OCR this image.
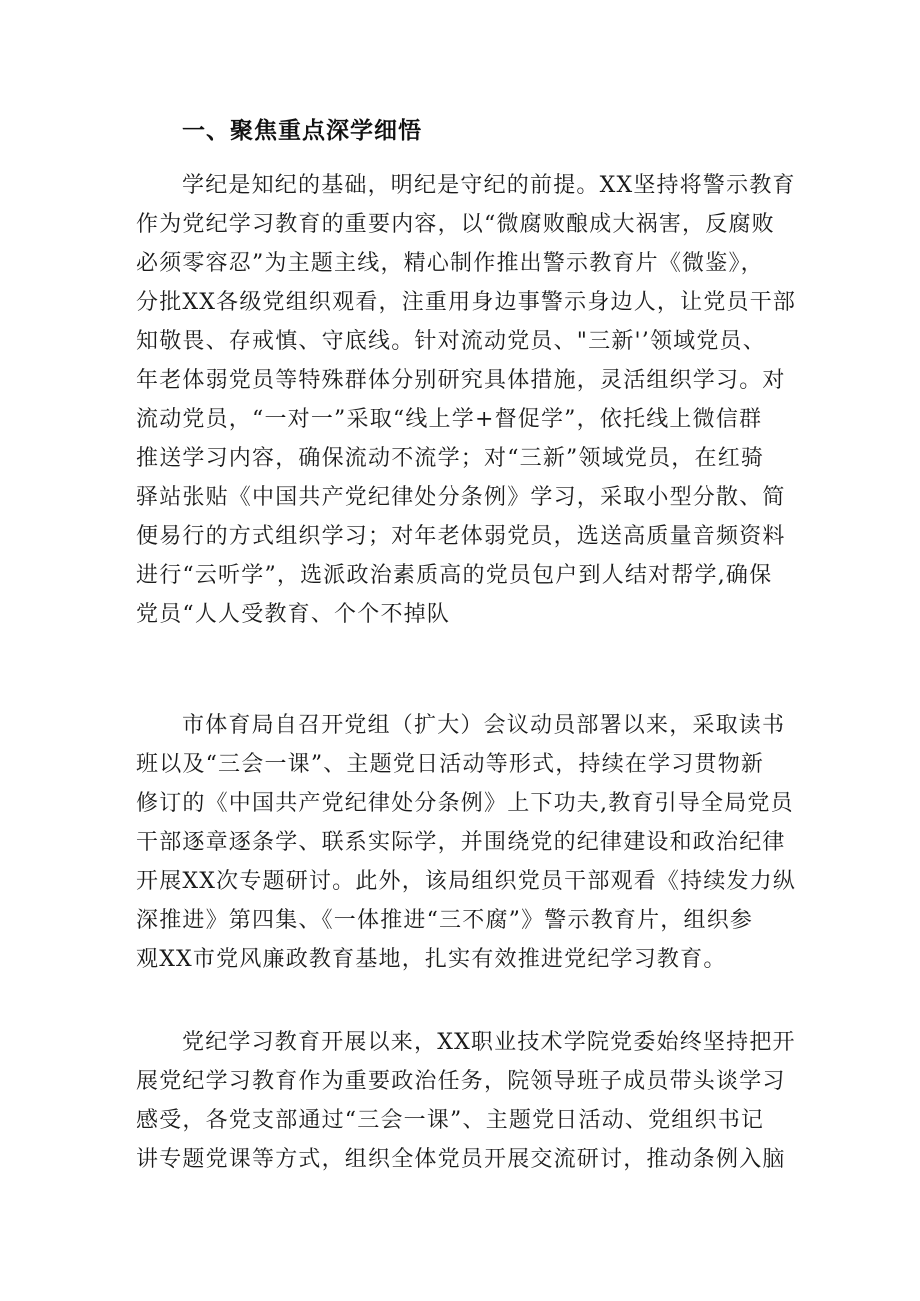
一、聚焦重点深学细悟
学纪是知纪的基础，明纪是守纪的前提。XX坚持将警示教育
作为党纪学习教育的重要内容，以“微腐败酿成大祸害，反腐败
必须零容忍”为主题主线，精心制作推出警示教育片《微鉴》，
分批XX各级党组织观看，注重用身边事警示身边人，让党员干部
知敬畏、存戒慎、守底线。针对流动党员、"三新'’领域党员、
年老体弱党员等特殊群体分别研究具体措施，灵活组织学习。对
流动党员，“一对一”采取“线上学+督促学”，依托线上微信群
推送学习内容，确保流动不流学；对“三新”领域党员，在红骑
驿站张贴《中国共产党纪律处分条例》学习，采取小型分散、简
便易行的方式组织学习；对年老体弱党员，选送高质量音频资料
进行“云听学”，选派政治素质高的党员包户到人结对帮学,确保
党员“人人受教育、个个不掉队
市体育局自召开党组（扩大）会议动员部署以来，采取读书
班以及“三会一课”、主题党日活动等形式，持续在学习贯物新
修订的《中国共产党纪律处分条例》上下功夫,教育引导全局党员
干部逐章逐条学、联系实际学，并围绕党的纪律建设和政治纪律
开展XX次专题研讨。此外，该局组织党员干部观看《持续发力纵
深推进》第四集、《一体推进“三不腐”》警示教育片，组织参
观XX市党风廉政教育基地，扎实有效推进党纪学习教育。
党纪学习教育开展以来，XX职业技术学院党委始终坚持把开
展党纪学习教育作为重要政治任务，院领导班子成员带头谈学习
感受，各党支部通过“三会一课”、主题党日活动、党组织书记
讲专题党课等方式，组织全体党员开展交流研讨，推动条例入脑
